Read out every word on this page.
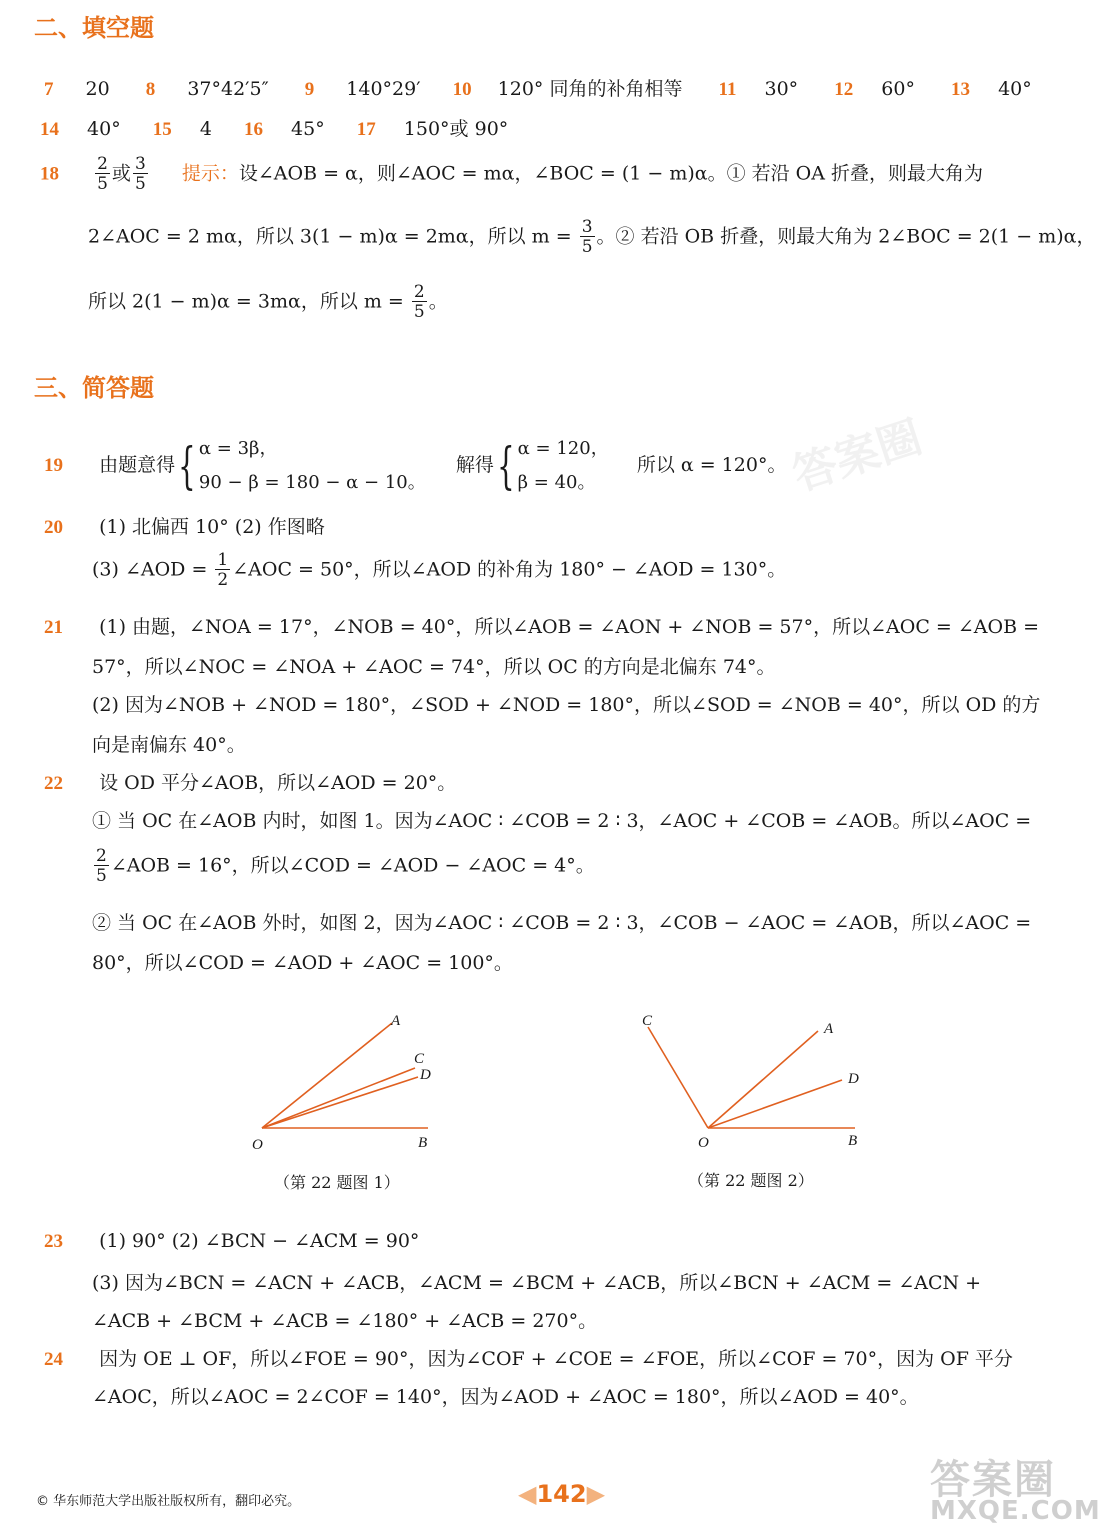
二、填空题
7 20 8 37°42′5″ 9 140°29′ 10 120° 同角的补角相等 11 30° 12 60° 13 40°
14 40° 15 4 16 45° 17 150°或 90°
$18 \frac{2}{5}$ 或 $\frac{3}{5}$ 提示：设∠AOB = α，则∠AOC = mα，∠BOC = (1 − m)α。① 若沿 OA 折叠，则最大角为
2∠AOC = 2 mα，所以 3(1 − m)α = 2mα，所以 $m = \frac{3}{5}$ 。② 若沿 OB 折叠，则最大角为 2∠BOC = 2(1 − m)α，
所以 2(1 − m)α = 3mα，所以 $m = \frac{2}{5}$ 。
三、简答题
答案圈
19 由题意得{ α = 3β，
90 − β = 180 − α − 10。
解得{ α = 120，
β = 40。
所以 α = 120°。
20 (1) 北偏西 10° (2) 作图略
(3) ∠AOD = $\frac{1}{2}$ ∠AOC = 50°，所以∠AOD 的补角为 180° − ∠AOD = 130°。
21 (1) 由题，∠NOA = 17°，∠NOB = 40°，所以∠AOB = ∠AON + ∠NOB = 57°，所以∠AOC = ∠AOB =
57°，所以∠NOC = ∠NOA + ∠AOC = 74°，所以 OC 的方向是北偏东 74°。
(2) 因为∠NOB + ∠NOD = 180°，∠SOD + ∠NOD = 180°，所以∠SOD = ∠NOB = 40°，所以 OD 的方
向是南偏东 40°。
22 设 OD 平分∠AOB，所以∠AOD = 20°。
① 当 OC 在∠AOB 内时，如图 1。因为∠AOC ∶ ∠COB = 2 ∶ 3，∠AOC + ∠COB = ∠AOB。所以∠AOC =
$\frac{2}{5}$ ∠AOB = 16°，所以∠COD = ∠AOD − ∠AOC = 4°。
② 当 OC 在∠AOB 外时，如图 2，因为∠AOC ∶ ∠COB = 2 ∶ 3，∠COB − ∠AOC = ∠AOB，所以∠AOC =
80°，所以∠COD = ∠AOD + ∠AOC = 100°。
A
C
D
O	B
（第 22 题图 1）
C	A
D
O	B
（第 22 题图 2）
23 (1) 90° (2) ∠BCN − ∠ACM = 90°
(3) 因为∠BCN = ∠ACN + ∠ACB，∠ACM = ∠BCM + ∠ACB，所以∠BCN + ∠ACM = ∠ACN +
∠ACB + ∠BCM + ∠ACB = ∠180° + ∠ACB = 270°。
24 因为 OE ⊥ OF，所以∠FOE = 90°，因为∠COF + ∠COE = ∠FOE，所以∠COF = 70°，因为 OF 平分
∠AOC，所以∠AOC = 2∠COF = 140°，因为∠AOD + ∠AOC = 180°，所以∠AOD = 40°。
© 华东师范大学出版社版权所有，翻印必究。	◀142▶	答案圈
MXQE.COM
